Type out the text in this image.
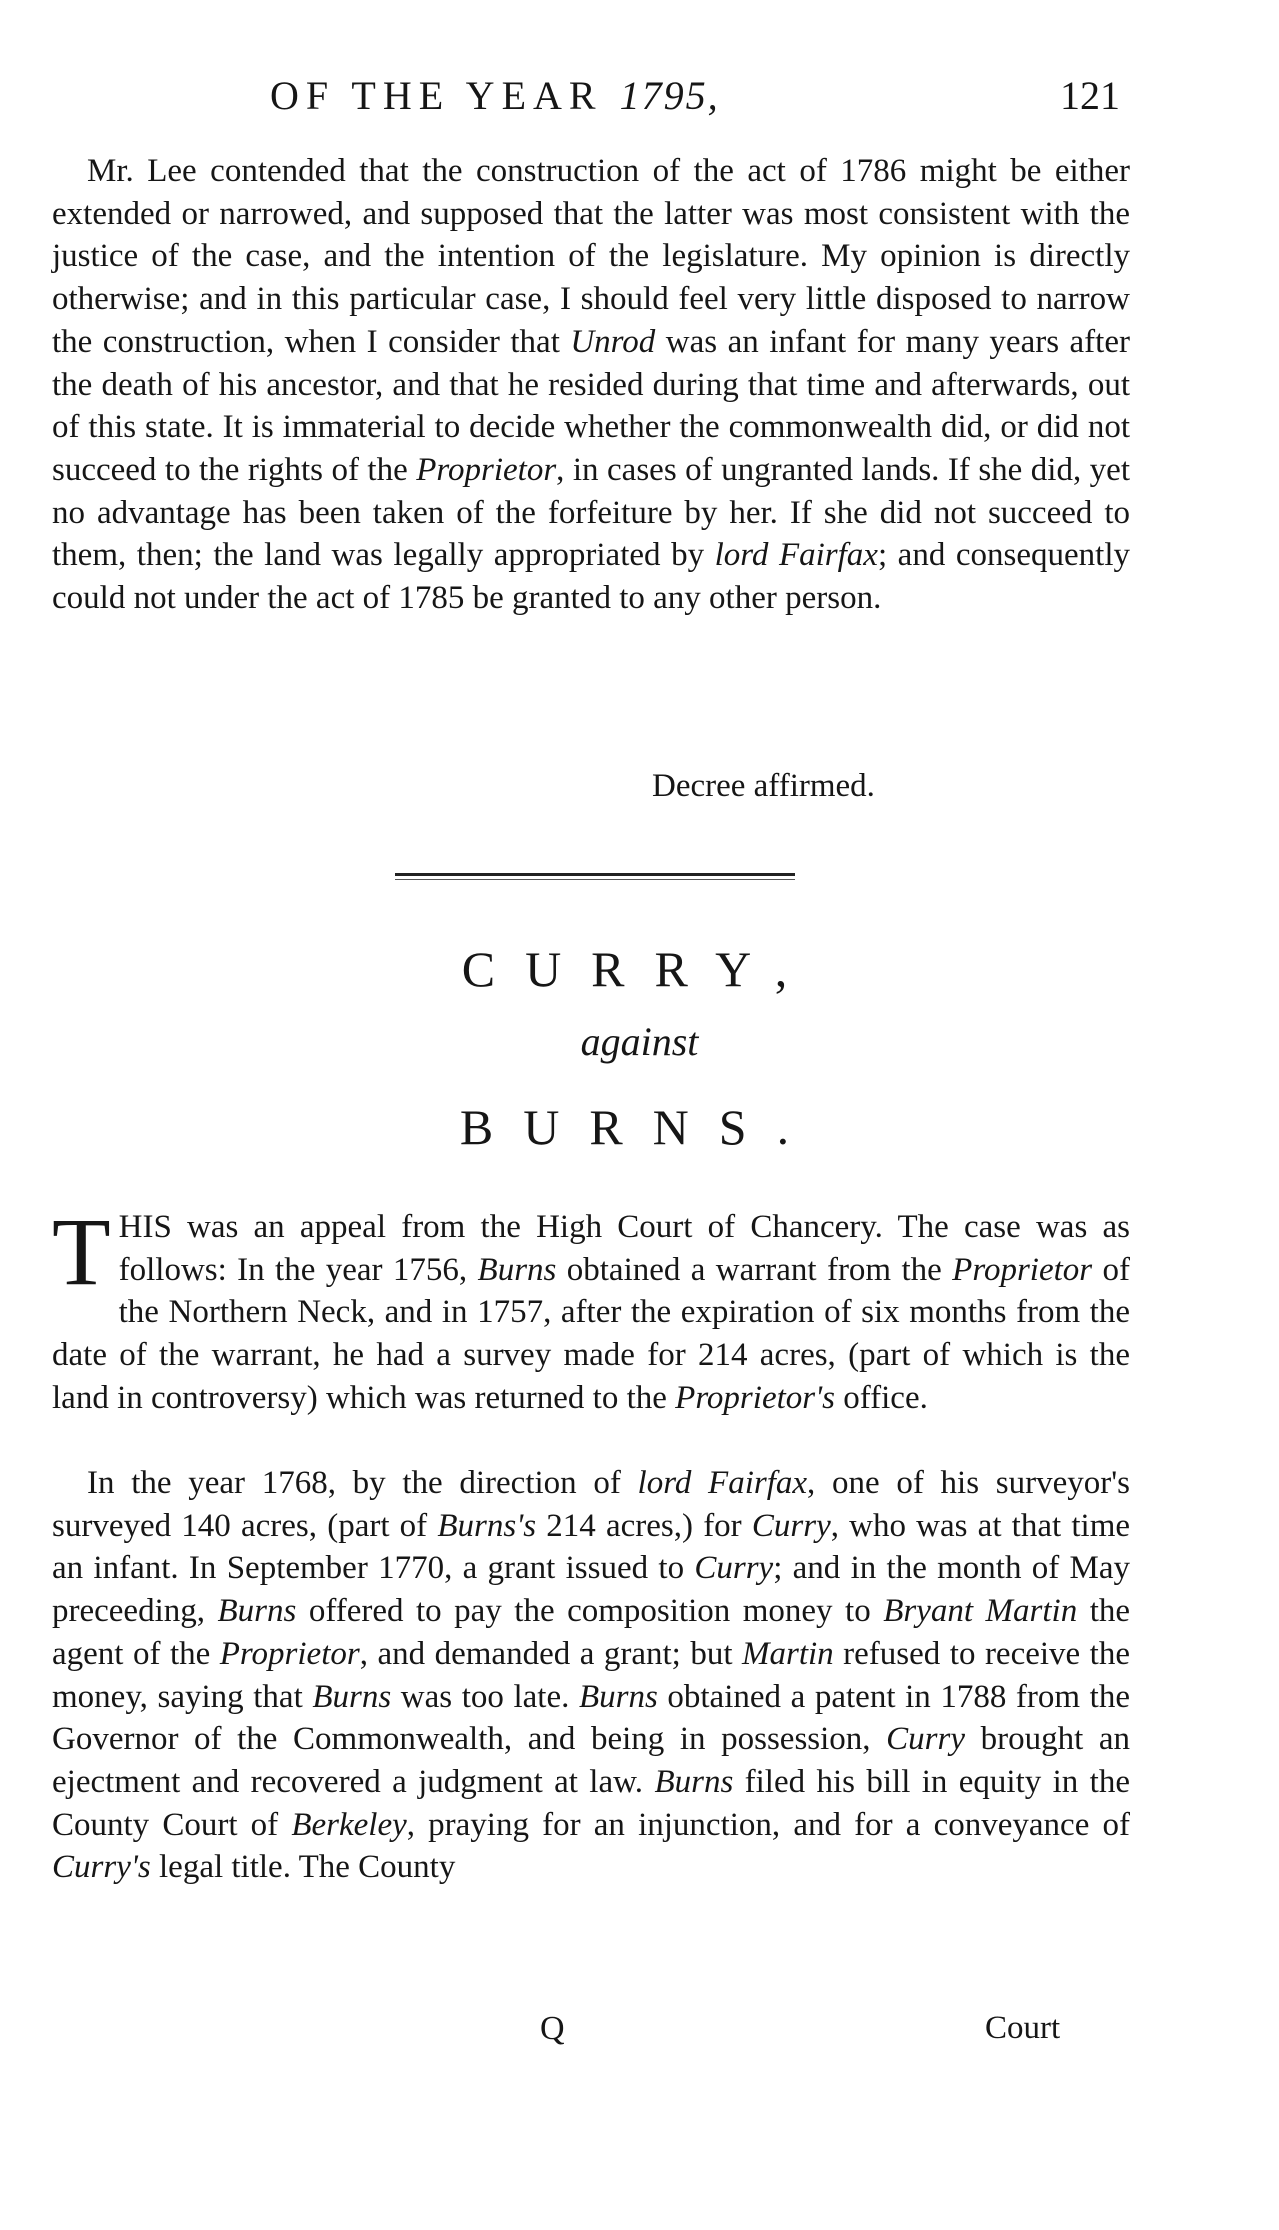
OF THE YEAR 1795,	121

Mr. Lee contended that the construction of the act of 1786 might be either extended or narrowed, and supposed that the latter was most consistent with the justice of the case, and the intention of the legislature. My opinion is directly otherwise; and in this particular case, I should feel very little disposed to narrow the construction, when I consider that Unrod was an infant for many years after the death of his ancestor, and that he resided during that time and afterwards, out of this state. It is immaterial to decide whether the commonwealth did, or did not succeed to the rights of the Proprietor, in cases of ungranted lands. If she did, yet no advantage has been taken of the forfeiture by her. If she did not succeed to them, then; the land was legally appropriated by lord Fairfax; and consequently could not under the act of 1785 be granted to any other person.

Decree affirmed.
CURRY,
against
BURNS.
T HIS was an appeal from the High Court of Chancery. The case was as follows: In the year 1756, Burns obtained a warrant from the Proprietor of the Northern Neck, and in 1757, after the expiration of six months from the date of the warrant, he had a survey made for 214 acres, (part of which is the land in controversy) which was returned to the Proprietor's office.

In the year 1768, by the direction of lord Fairfax, one of his surveyor's surveyed 140 acres, (part of Burns's 214 acres,) for Curry, who was at that time an infant. In September 1770, a grant issued to Curry; and in the month of May preceeding, Burns offered to pay the composition money to Bryant Martin the agent of the Proprietor, and demanded a grant; but Martin refused to receive the money, saying that Burns was too late. Burns obtained a patent in 1788 from the Governor of the Commonwealth, and being in possession, Curry brought an ejectment and recovered a judgment at law. Burns filed his bill in equity in the County Court of Berkeley, praying for an injunction, and for a conveyance of Curry's legal title. The County

Q	Court
